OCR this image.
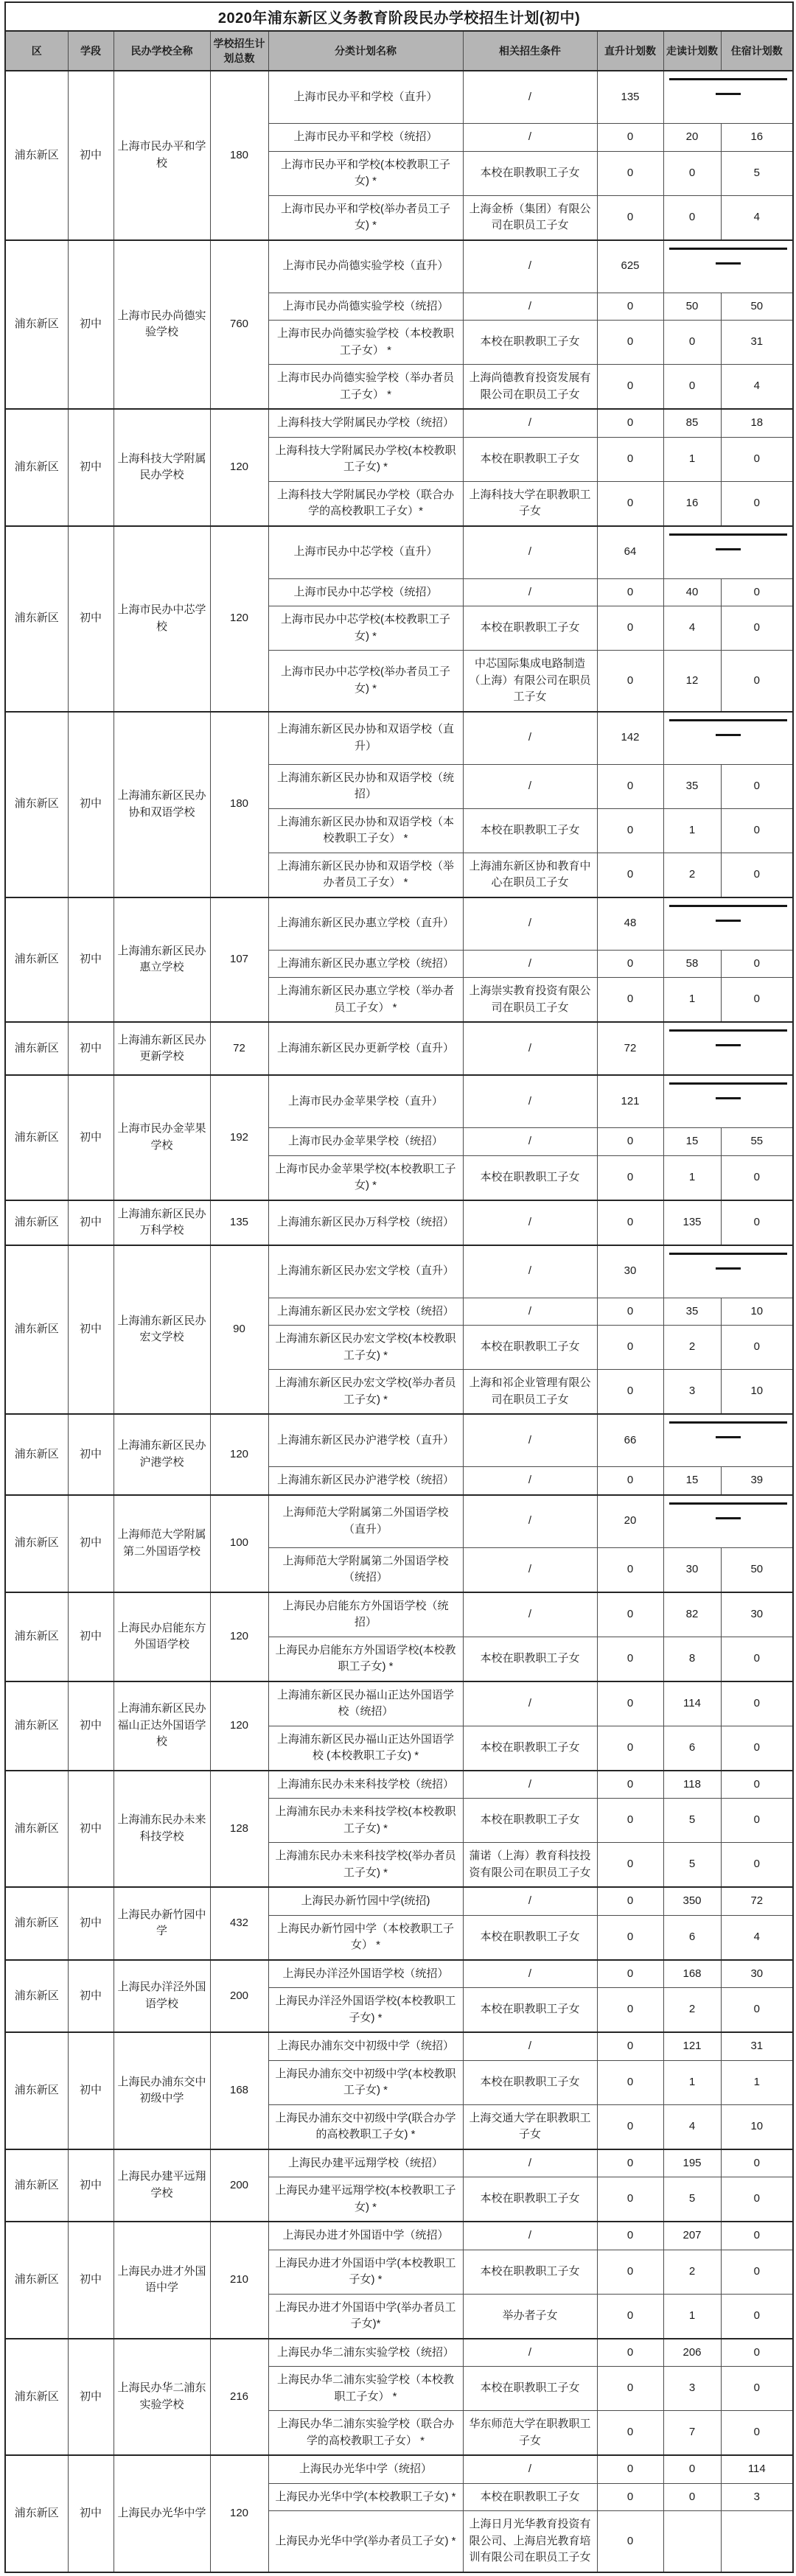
2020年浦东新区义务教育阶段民办学校招生计划(初中)								
区	学段	民办学校全称	学校招生计划总数	分类计划名称	相关招生条件	直升计划数	走读计划数	住宿计划数
浦东新区	初中	上海市民办平和学校	180	上海市民办平和学校（直升）	/	135		

				上海市民办平和学校（统招）	/	0	20	16
				上海市民办平和学校(本校教职工子女) *	本校在职教职工子女	0	0	5
				上海市民办平和学校(举办者员工子女) *	上海金桥（集团）有限公司在职员工子女	0	0	4
浦东新区	初中	上海市民办尚德实验学校	760	上海市民办尚德实验学校（直升）	/	625		

				上海市民办尚德实验学校（统招）	/	0	50	50
				上海市民办尚德实验学校（本校教职工子女） *	本校在职教职工子女	0	0	31
				上海市民办尚德实验学校（举办者员工子女） *	上海尚德教育投资发展有限公司在职员工子女	0	0	4
浦东新区	初中	上海科技大学附属民办学校	120	上海科技大学附属民办学校（统招）	/	0	85	18
				上海科技大学附属民办学校(本校教职工子女) *	本校在职教职工子女	0	1	0
				上海科技大学附属民办学校（联合办学的高校教职工子女）*	上海科技大学在职教职工子女	0	16	0
浦东新区	初中	上海市民办中芯学校	120	上海市民办中芯学校（直升）	/	64		

				上海市民办中芯学校（统招）	/	0	40	0
				上海市民办中芯学校(本校教职工子女) *	本校在职教职工子女	0	4	0
				上海市民办中芯学校(举办者员工子女) *	中芯国际集成电路制造（上海）有限公司在职员工子女	0	12	0
浦东新区	初中	上海浦东新区民办协和双语学校	180	上海浦东新区民办协和双语学校（直升）	/	142		

				上海浦东新区民办协和双语学校（统招）	/	0	35	0
				上海浦东新区民办协和双语学校（本校教职工子女） *	本校在职教职工子女	0	1	0
				上海浦东新区民办协和双语学校（举办者员工子女） *	上海浦东新区协和教育中心在职员工子女	0	2	0
浦东新区	初中	上海浦东新区民办惠立学校	107	上海浦东新区民办惠立学校（直升）	/	48		

				上海浦东新区民办惠立学校（统招）	/	0	58	0
				上海浦东新区民办惠立学校（举办者员工子女） *	上海崇实教育投资有限公司在职员工子女	0	1	0
浦东新区	初中	上海浦东新区民办更新学校	72	上海浦东新区民办更新学校（直升）	/	72		

浦东新区	初中	上海市民办金苹果学校	192	上海市民办金苹果学校（直升）	/	121		

				上海市民办金苹果学校（统招）	/	0	15	55
				上海市民办金苹果学校(本校教职工子女) *	本校在职教职工子女	0	1	0
浦东新区	初中	上海浦东新区民办万科学校	135	上海浦东新区民办万科学校（统招）	/	0	135	0
浦东新区	初中	上海浦东新区民办宏文学校	90	上海浦东新区民办宏文学校（直升）	/	30		

				上海浦东新区民办宏文学校（统招）	/	0	35	10
				上海浦东新区民办宏文学校(本校教职工子女) *	本校在职教职工子女	0	2	0
				上海浦东新区民办宏文学校(举办者员工子女) *	上海和祁企业管理有限公司在职员工子女	0	3	10
浦东新区	初中	上海浦东新区民办沪港学校	120	上海浦东新区民办沪港学校（直升）	/	66		

				上海浦东新区民办沪港学校（统招）	/	0	15	39
浦东新区	初中	上海师范大学附属第二外国语学校	100	上海师范大学附属第二外国语学校（直升）	/	20		

				上海师范大学附属第二外国语学校（统招）	/	0	30	50
浦东新区	初中	上海民办启能东方外国语学校	120	上海民办启能东方外国语学校（统招）	/	0	82	30
				上海民办启能东方外国语学校(本校教职工子女) *	本校在职教职工子女	0	8	0
浦东新区	初中	上海浦东新区民办福山正达外国语学校	120	上海浦东新区民办福山正达外国语学校（统招）	/	0	114	0
				上海浦东新区民办福山正达外国语学校 (本校教职工子女) *	本校在职教职工子女	0	6	0
浦东新区	初中	上海浦东民办未来科技学校	128	上海浦东民办未来科技学校（统招）	/	0	118	0
				上海浦东民办未来科技学校(本校教职工子女) *	本校在职教职工子女	0	5	0
				上海浦东民办未来科技学校(举办者员工子女) *	蒲诺（上海）教育科技投资有限公司在职员工子女	0	5	0
浦东新区	初中	上海民办新竹园中学	432	上海民办新竹园中学(统招)	/	0	350	72
				上海民办新竹园中学（本校教职工子女） *	本校在职教职工子女	0	6	4
浦东新区	初中	上海民办洋泾外国语学校	200	上海民办洋泾外国语学校（统招）	/	0	168	30
				上海民办洋泾外国语学校(本校教职工子女) *	本校在职教职工子女	0	2	0
浦东新区	初中	上海民办浦东交中初级中学	168	上海民办浦东交中初级中学（统招）	/	0	121	31
				上海民办浦东交中初级中学(本校教职工子女) *	本校在职教职工子女	0	1	1
				上海民办浦东交中初级中学(联合办学的高校教职工子女) *	上海交通大学在职教职工子女	0	4	10
浦东新区	初中	上海民办建平远翔学校	200	上海民办建平远翔学校（统招）	/	0	195	0
				上海民办建平远翔学校(本校教职工子女) *	本校在职教职工子女	0	5	0
浦东新区	初中	上海民办进才外国语中学	210	上海民办进才外国语中学（统招）	/	0	207	0
				上海民办进才外国语中学(本校教职工子女) *	本校在职教职工子女	0	2	0
				上海民办进才外国语中学(举办者员工子女)*	举办者子女	0	1	0
浦东新区	初中	上海民办华二浦东实验学校	216	上海民办华二浦东实验学校（统招）	/	0	206	0
				上海民办华二浦东实验学校（本校教职工子女） *	本校在职教职工子女	0	3	0
				上海民办华二浦东实验学校（联合办学的高校教职工子女） *	华东师范大学在职教职工子女	0	7	0
浦东新区	初中	上海民办光华中学	120	上海民办光华中学（统招）	/	0	0	114
				上海民办光华中学(本校教职工子女) *	本校在职教职工子女	0	0	3
				上海民办光华中学(举办者员工子女) *	上海日月光华教育投资有限公司、上海启光教育培训有限公司在职员工子女	0		
